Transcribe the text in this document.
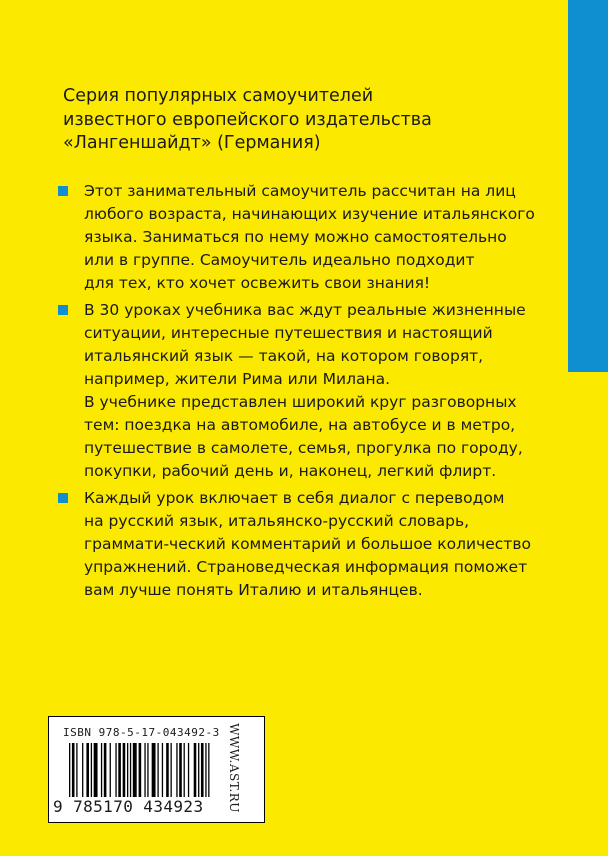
Серия популярных самоучителей
известного европейского издательства
«Лангеншайдт» (Германия)
Этот занимательный самоучитель рассчитан на лиц
любого возраста, начинающих изучение итальянского
языка. Заниматься по нему можно самостоятельно
или в группе. Самоучитель идеально подходит
для тех, кто хочет освежить свои знания!
В 30 уроках учебника вас ждут реальные жизненные
ситуации, интересные путешествия и настоящий
итальянский язык — такой, на котором говорят,
например, жители Рима или Милана.
В учебнике представлен широкий круг разговорных
тем: поездка на автомобиле, на автобусе и в метро,
путешествие в самолете, семья, прогулка по городу,
покупки, рабочий день и, наконец, легкий флирт.
Каждый урок включает в себя диалог с переводом
на русский язык, итальянско-русский словарь,
граммати-ческий комментарий и большое количество
упражнений. Страноведческая информация поможет
вам лучше понять Италию и итальянцев.
ISBN 978-5-17-043492-3
9 785170 434923 WWW.AST.RU
